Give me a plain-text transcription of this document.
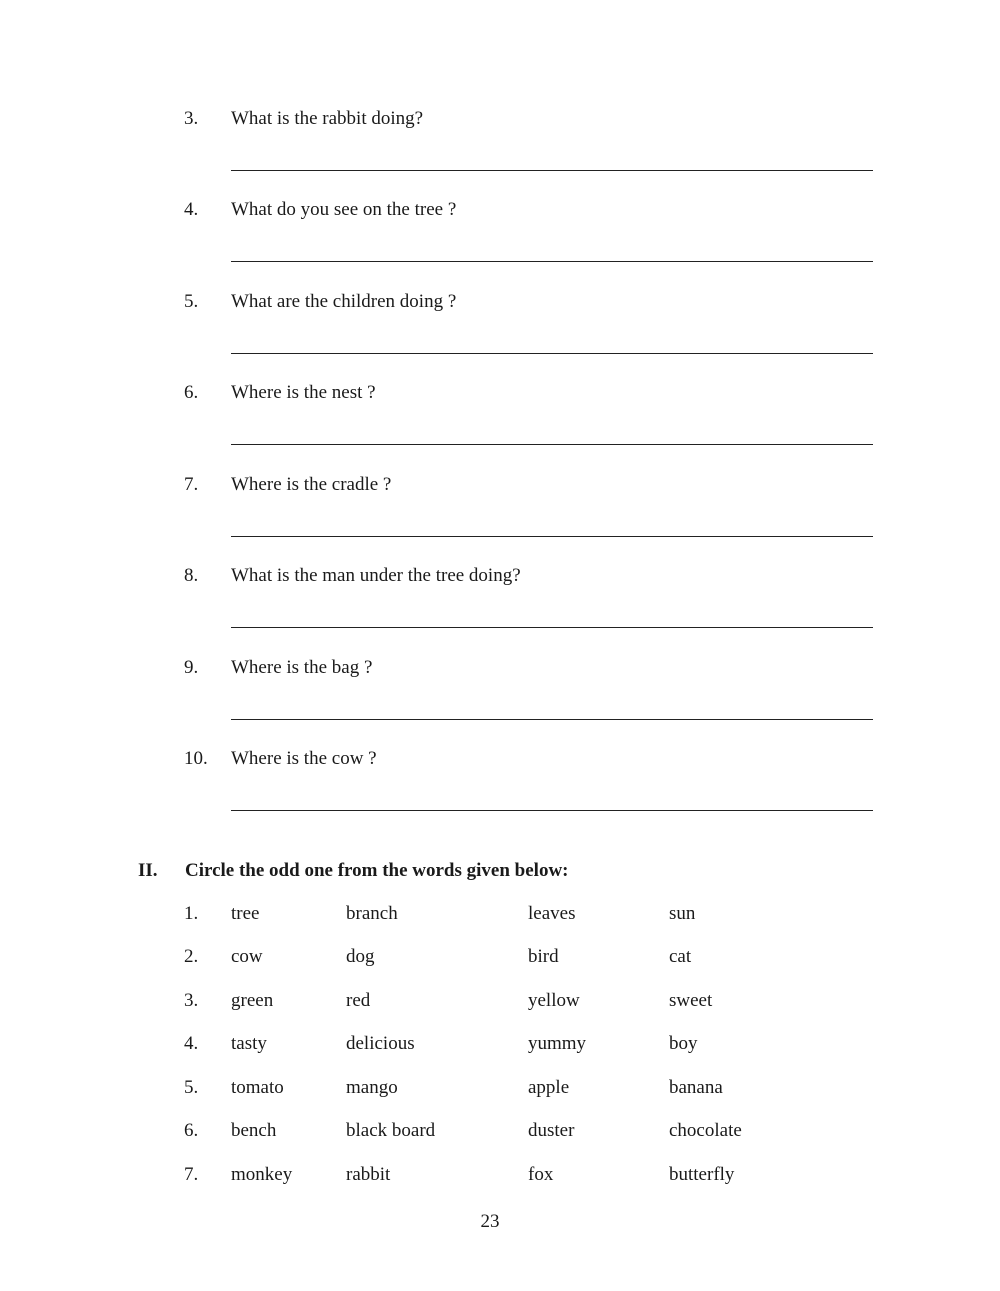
3. What is the rabbit doing?
4. What do you see on the tree ?
5. What are the children doing ?
6. Where is the nest ?
7. Where is the cradle ?
8. What is the man under the tree doing?
9. Where is the bag ?
10. Where is the cow ?
II. Circle the odd one from the words given below:
1. tree	branch	leaves	sun
2. cow	dog	bird	cat
3. green	red	yellow	sweet
4. tasty	delicious	yummy	boy
5. tomato	mango	apple	banana
6. bench	black board	duster	chocolate
7. monkey	rabbit	fox	butterfly
23
